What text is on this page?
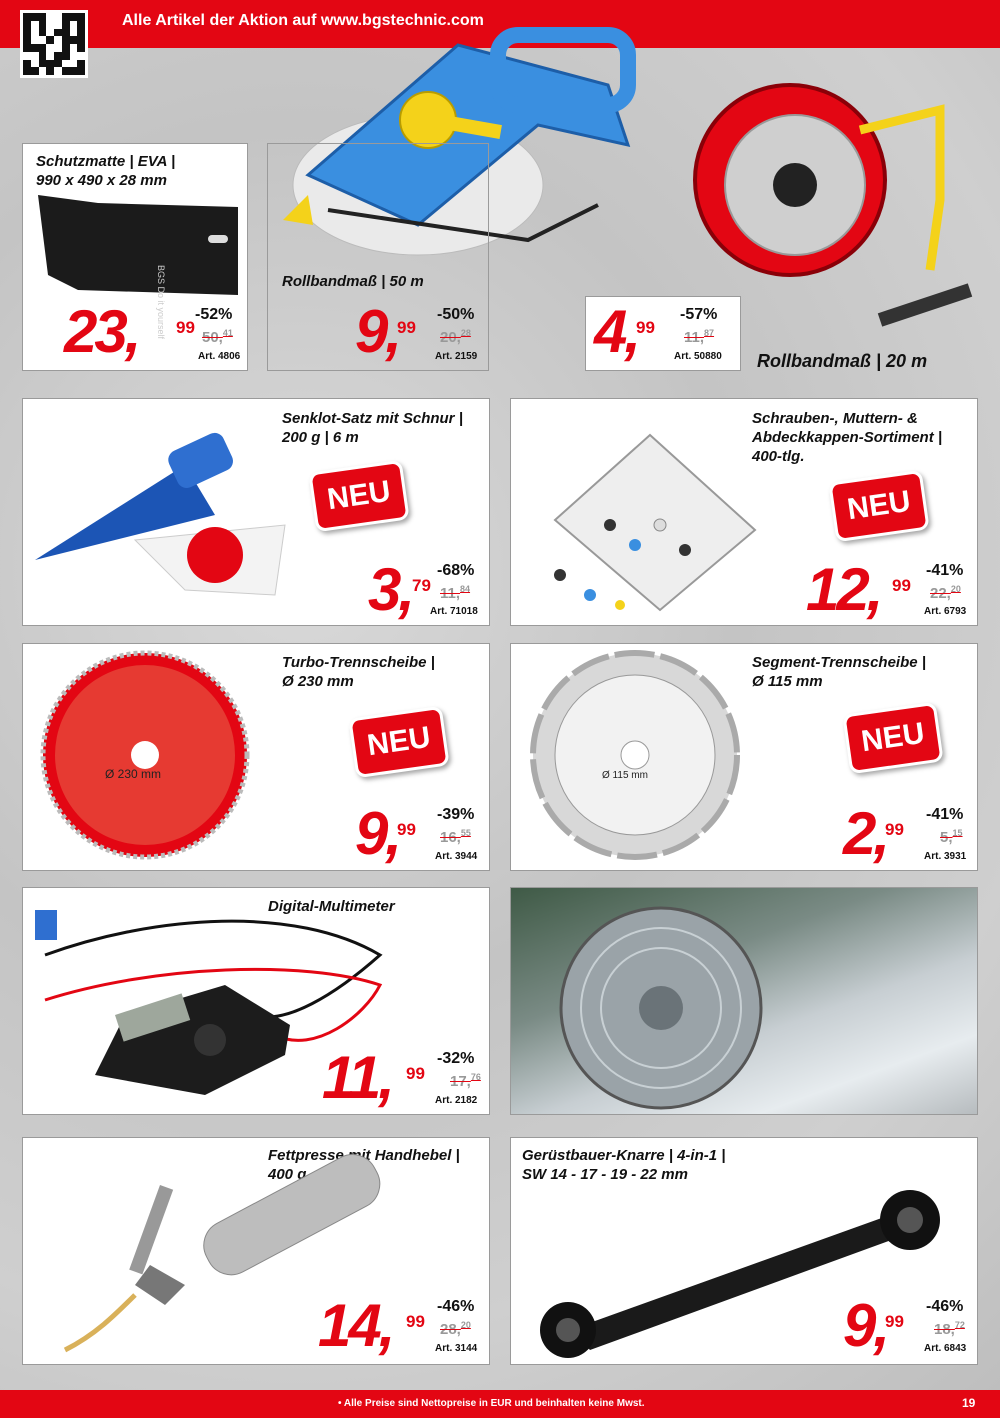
Alle Artikel der Aktion auf www.bgstechnic.com
Schutzmatte | EVA |
990 x 490 x 28 mm
BGS Do it yourself
23, 99
-52%
50,41
Art. 4806
Rollbandmaß | 50 m
9,
99
-50%
20,28
Art. 2159 4,
99
-57%
11,87
Art. 50880 Rollbandmaß | 20 m
Senklot-Satz mit Schnur |
200 g | 6 m
NEU
3, 79
-68%
11,84
Art. 71018
Schrauben-, Muttern- &
Abdeckkappen-Sortiment |
400-tlg.
NEU
12, 99
-41%
22,20
Art. 6793
Turbo-Trennscheibe |
Ø 230 mm
NEU
Ø 230 mm
9,
99
-39%
16,55
Art. 3944
Segment-Trennscheibe |
Ø 115 mm
NEU
Ø 115 mm
2,
99
-41%
5,15
Art. 3931
Digital-Multimeter
11, 99
-32%
17,76
Art. 2182
Fettpresse mit Handhebel |
400 g
14, 99
-46%
28,20
Art. 3144
Gerüstbauer-Knarre | 4-in-1 |
SW 14 - 17 - 19 - 22 mm
9,
99
-46%
18,72
Art. 6843
• Alle Preise sind Nettopreise in EUR und beinhalten keine Mwst.	19
